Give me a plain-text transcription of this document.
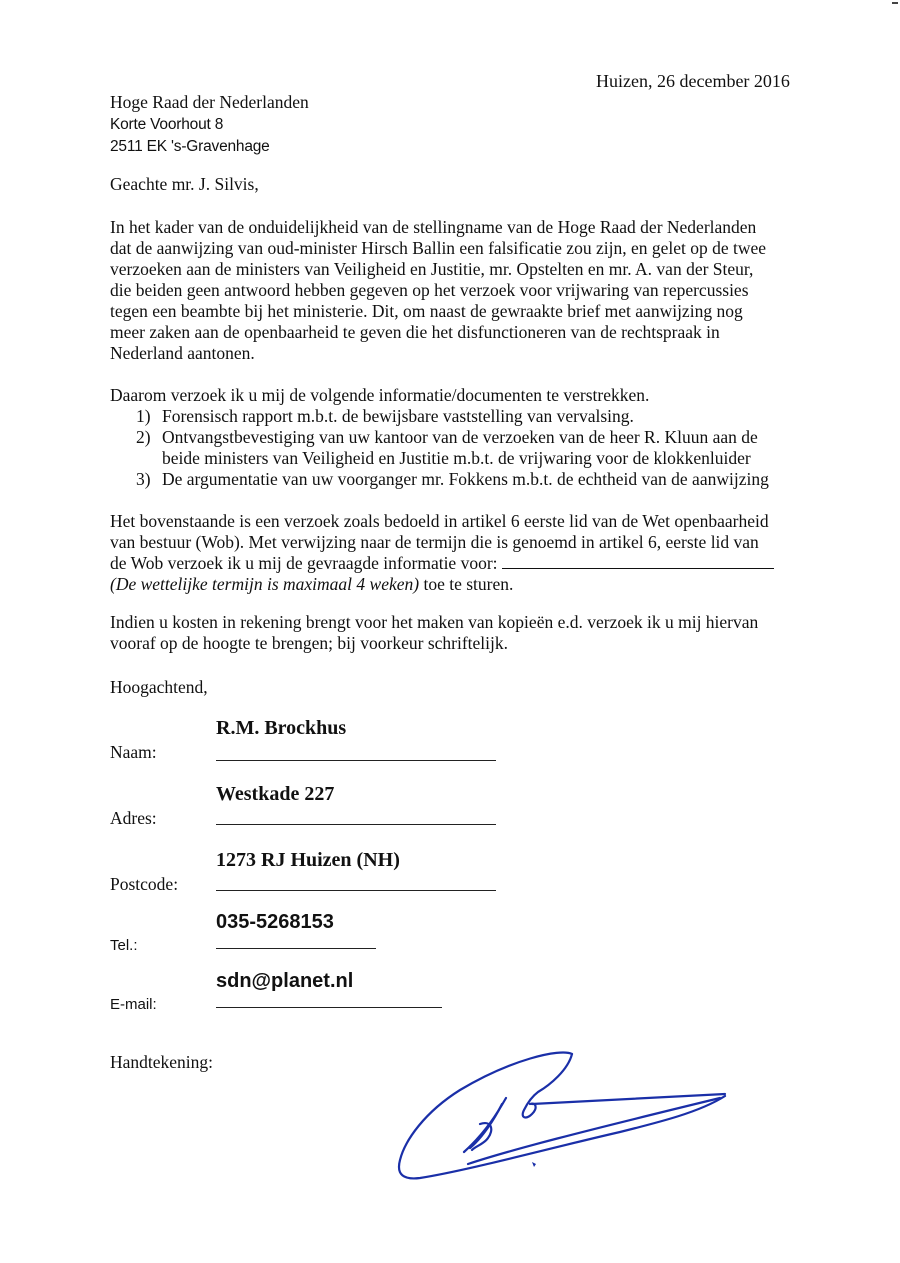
Huizen, 26 december 2016
Hoge Raad der Nederlanden
Korte Voorhout 8
2511 EK 's-Gravenhage
Geachte mr. J. Silvis,
In het kader van de onduidelijkheid van de stellingname van de Hoge Raad der Nederlanden
dat de aanwijzing van oud-minister Hirsch Ballin een falsificatie zou zijn, en gelet op de twee
verzoeken aan de ministers van Veiligheid en Justitie, mr. Opstelten en mr. A. van der Steur,
die beiden geen antwoord hebben gegeven op het verzoek voor vrijwaring van repercussies
tegen een beambte bij het ministerie. Dit, om naast de gewraakte brief met aanwijzing nog
meer zaken aan de openbaarheid te geven die het disfunctioneren van de rechtspraak in
Nederland aantonen.
Daarom verzoek ik u mij de volgende informatie/documenten te verstrekken.
1) Forensisch rapport m.b.t. de bewijsbare vaststelling van vervalsing.
2) Ontvangstbevestiging van uw kantoor van de verzoeken van de heer R. Kluun aan de
beide ministers van Veiligheid en Justitie m.b.t. de vrijwaring voor de klokkenluider
3) De argumentatie van uw voorganger mr. Fokkens m.b.t. de echtheid van de aanwijzing
Het bovenstaande is een verzoek zoals bedoeld in artikel 6 eerste lid van de Wet openbaarheid
van bestuur (Wob). Met verwijzing naar de termijn die is genoemd in artikel 6, eerste lid van
de Wob verzoek ik u mij de gevraagde informatie voor:
(De wettelijke termijn is maximaal 4 weken) toe te sturen.
Indien u kosten in rekening brengt voor het maken van kopieën e.d. verzoek ik u mij hiervan
vooraf op de hoogte te brengen; bij voorkeur schriftelijk.
Hoogachtend,
R.M. Brockhus
Naam:
Westkade 227
Adres:
1273 RJ Huizen (NH)
Postcode:
035-5268153
Tel.:
sdn@planet.nl
E-mail:
Handtekening:
